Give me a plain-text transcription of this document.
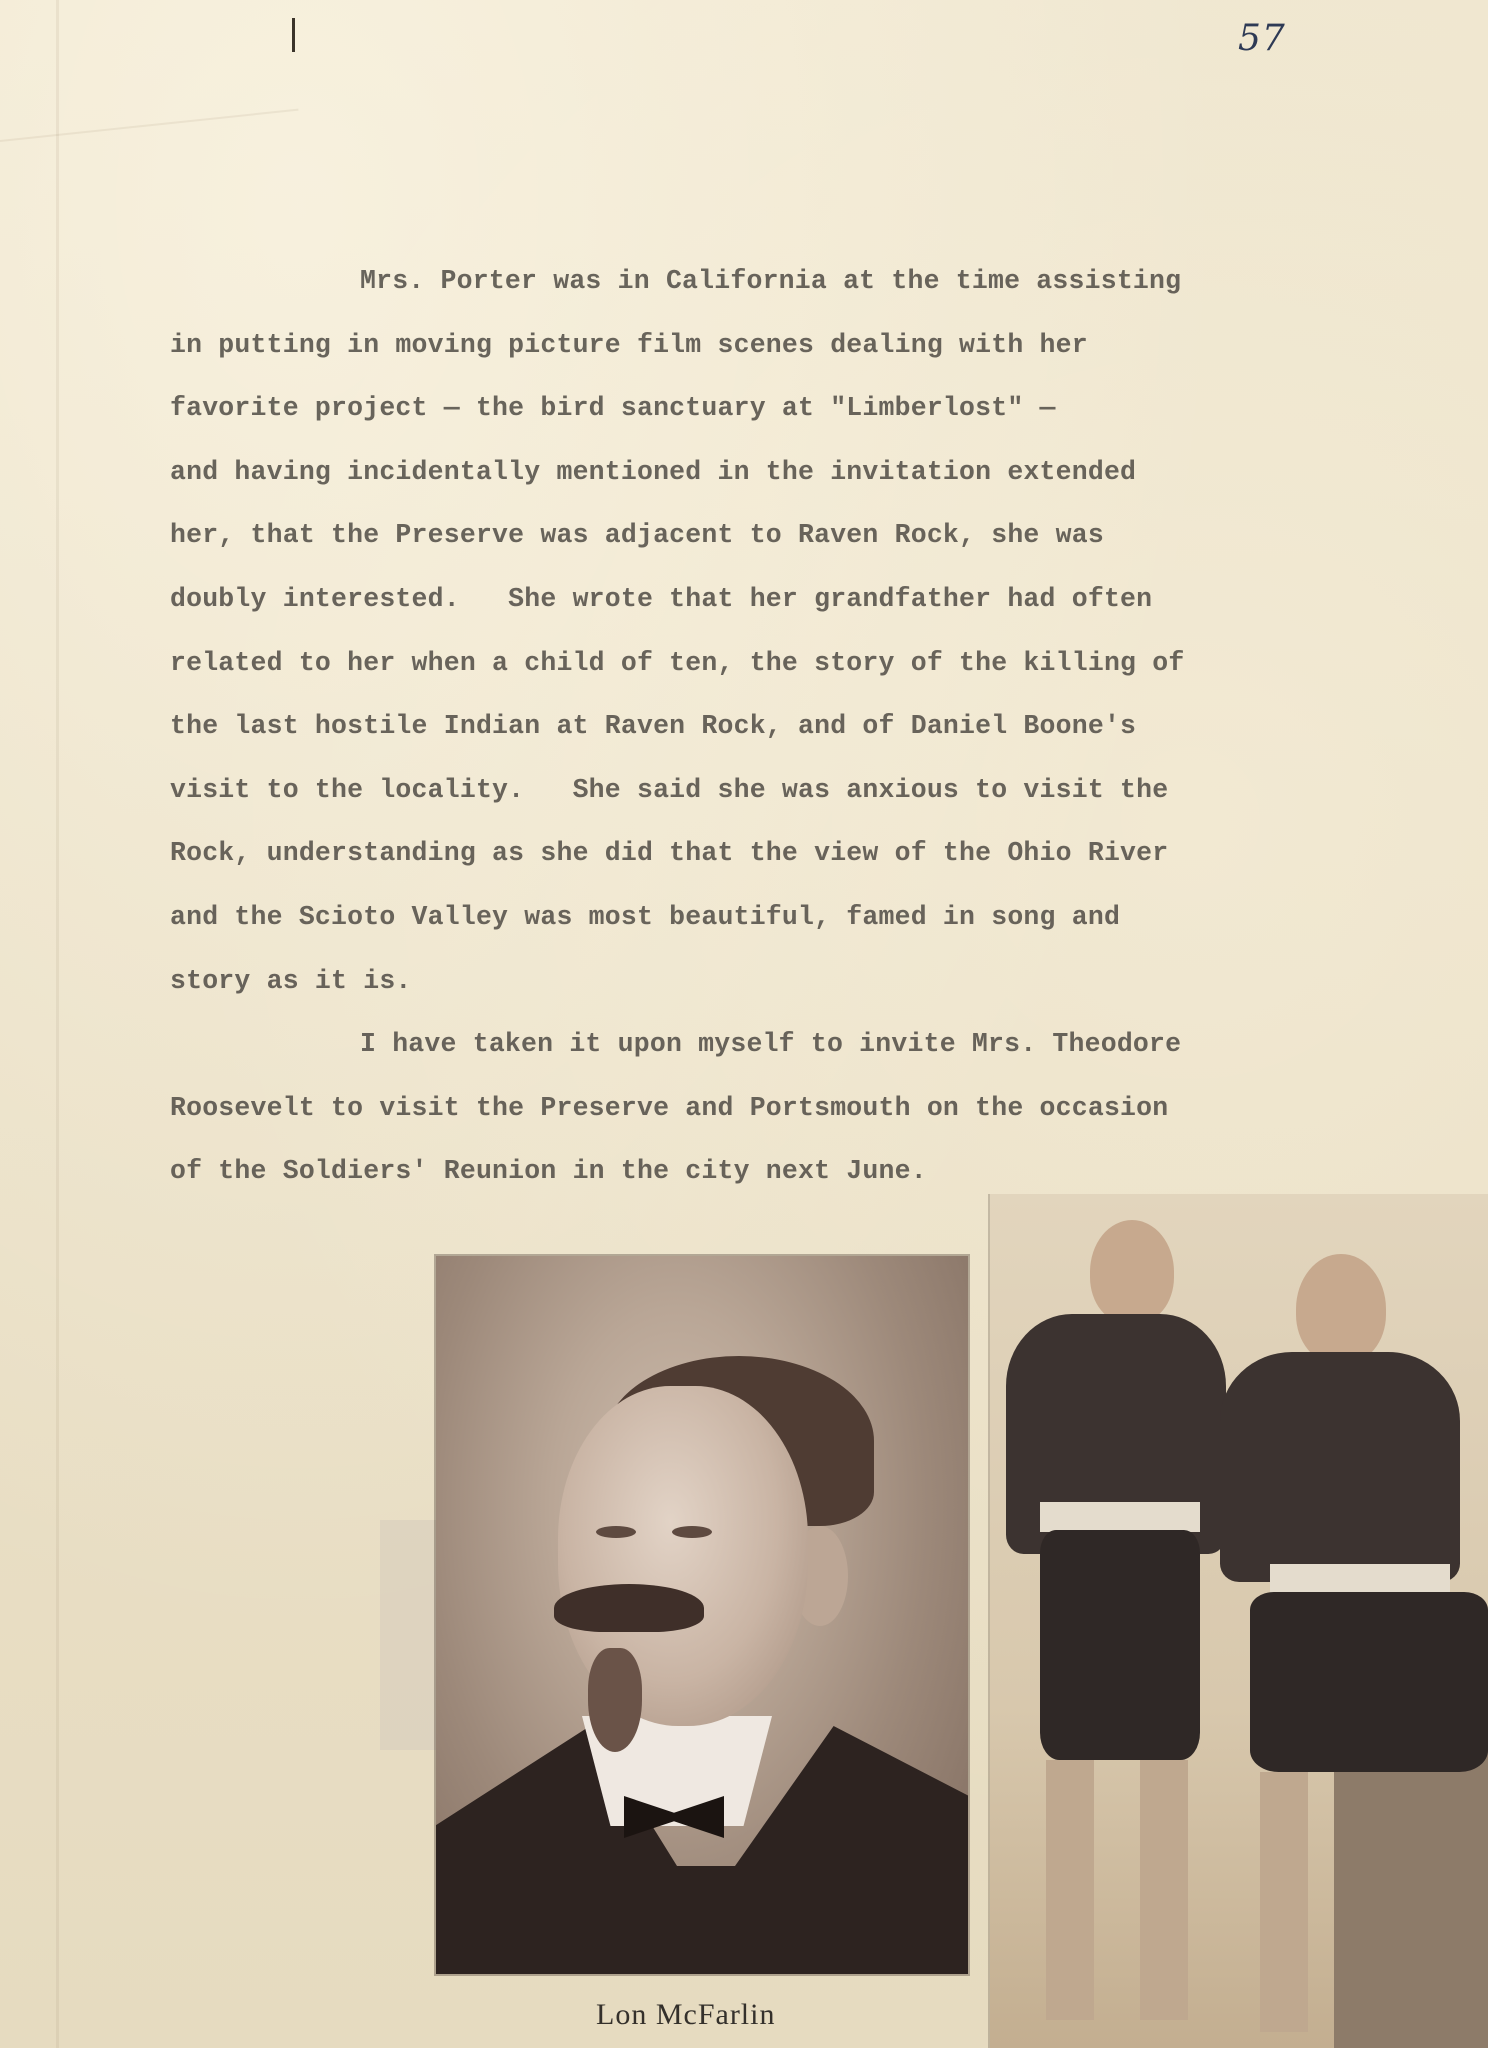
57
Mrs. Porter was in California at the time assisting
in putting in moving picture film scenes dealing with her
favorite project — the bird sanctuary at "Limberlost" —
and having incidentally mentioned in the invitation extended
her, that the Preserve was adjacent to Raven Rock, she was
doubly interested.   She wrote that her grandfather had often
related to her when a child of ten, the story of the killing of
the last hostile Indian at Raven Rock, and of Daniel Boone's
visit to the locality.   She said she was anxious to visit the
Rock, understanding as she did that the view of the Ohio River
and the Scioto Valley was most beautiful, famed in song and
story as it is.
I have taken it upon myself to invite Mrs. Theodore
Roosevelt to visit the Preserve and Portsmouth on the occasion
of the Soldiers' Reunion in the city next June.
Lon McFarlin
